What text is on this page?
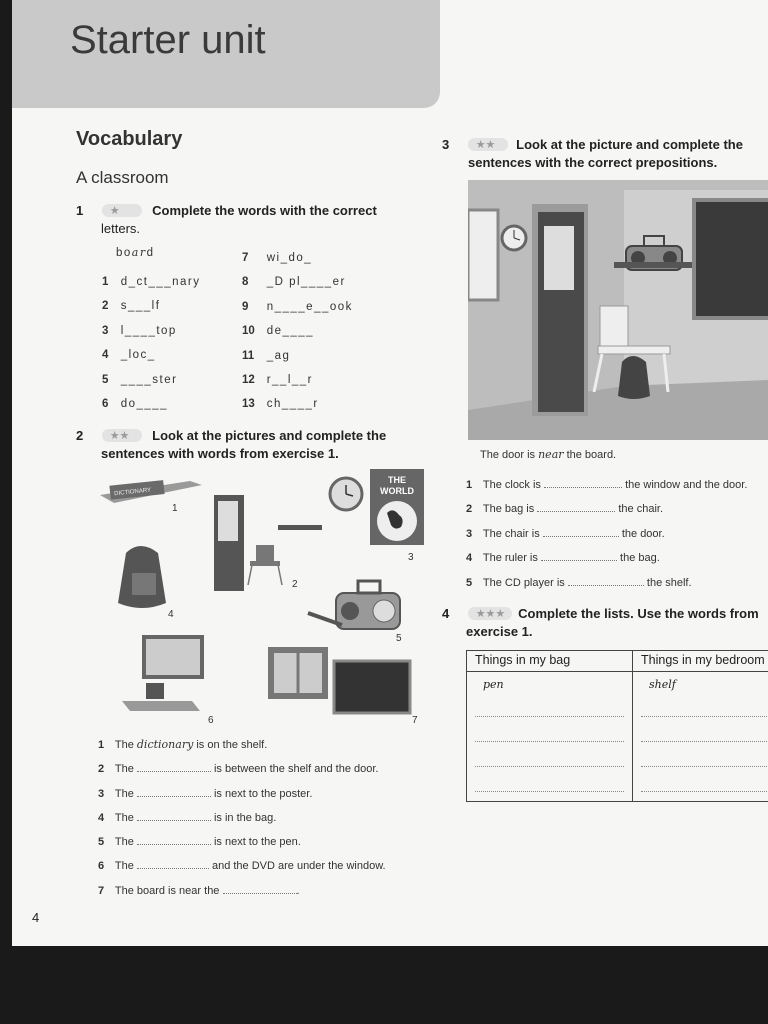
Starter unit
Vocabulary
A classroom
1 ★	Complete the words with the correct
letters.
board
1 d_ct___nary
2 s___lf
3 l____top
4 _loc_
5 ____ster
6 do____
7 wi_do_
8 _D pl____er
9 n____e__ook
10 de____
11 _ag
12 r__l__r
13 ch____r
2 ★★ Look at the pictures and complete the
sentences with words from exercise 1.
DICTIONARY
1
THE
WORLD
3
2
4
5
6	7
1 The dictionary is on the shelf.
2 The	is between the shelf and the door.
3 The	is next to the poster.
4 The	is in the bag.
5 The	is next to the pen.
6 The	and the DVD are under the window.
7 The board is near the	.
4
3 ★★ Look at the picture and complete the
sentences with the correct prepositions.
The door is near the board.
1 The clock is	the window and the door.
2 The bag is	the chair.
3 The chair is	the door.
4 The ruler is	the bag.
5 The CD player is	the shelf.
4 ★★★ Complete the lists. Use the words from
exercise 1.
Things in my bag	Things in my bedroom

pen	shelf
